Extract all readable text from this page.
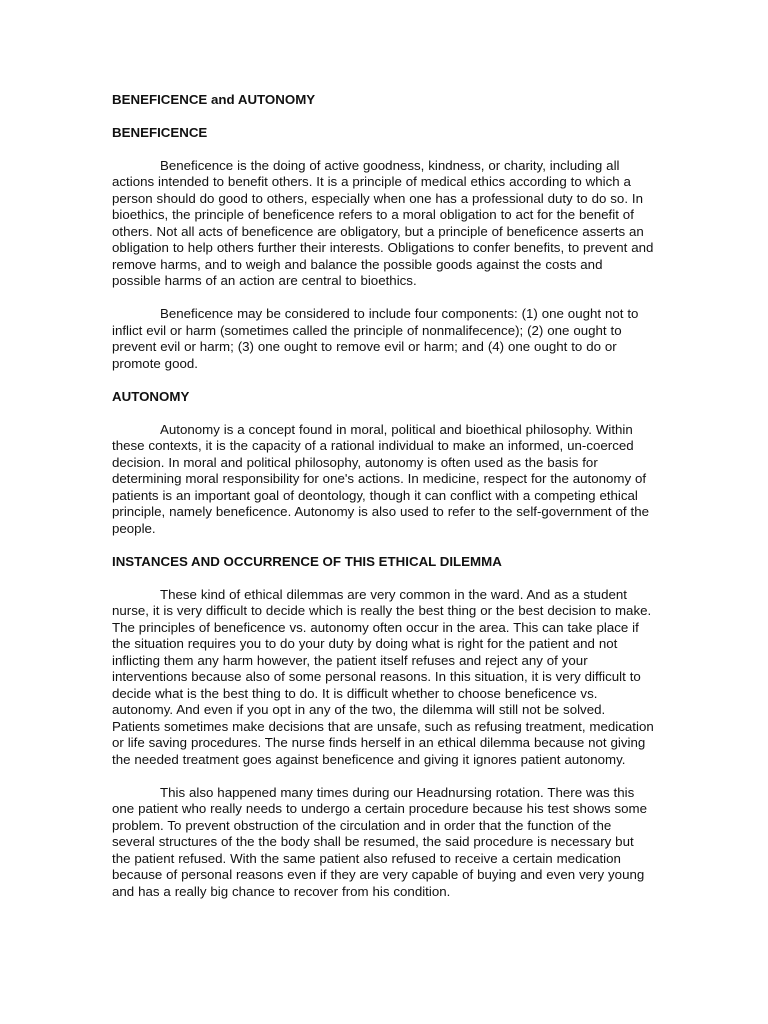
BENEFICENCE and AUTONOMY
BENEFICENCE

Beneficence is the doing of active goodness, kindness, or charity, including all actions intended to benefit others. It is a principle of medical ethics according to which a person should do good to others, especially when one has a professional duty to do so. In bioethics, the principle of beneficence refers to a moral obligation to act for the benefit of others. Not all acts of beneficence are obligatory, but a principle of beneficence asserts an obligation to help others further their interests. Obligations to confer benefits, to prevent and remove harms, and to weigh and balance the possible goods against the costs and possible harms of an action are central to bioethics.

Beneficence may be considered to include four components: (1) one ought not to inflict evil or harm (sometimes called the principle of nonmalifecence); (2) one ought to prevent evil or harm; (3) one ought to remove evil or harm; and (4) one ought to do or promote good.

AUTONOMY

Autonomy is a concept found in moral, political and bioethical philosophy. Within these contexts, it is the capacity of a rational individual to make an informed, un-coerced decision. In moral and political philosophy, autonomy is often used as the basis for determining moral responsibility for one's actions. In medicine, respect for the autonomy of patients is an important goal of deontology, though it can conflict with a competing ethical principle, namely beneficence. Autonomy is also used to refer to the self-government of the people.

INSTANCES AND OCCURRENCE OF THIS ETHICAL DILEMMA

These kind of ethical dilemmas are very common in the ward. And as a student nurse, it is very difficult to decide which is really the best thing or the best decision to make. The principles of beneficence vs. autonomy often occur in the area. This can take place if the situation requires you to do your duty by doing what is right for the patient and not inflicting them any harm however, the patient itself refuses and reject any of your interventions because also of some personal reasons. In this situation, it is very difficult to decide what is the best thing to do. It is difficult whether to choose beneficence vs. autonomy. And even if you opt in any of the two, the dilemma will still not be solved. Patients sometimes make decisions that are unsafe, such as refusing treatment, medication or life saving procedures. The nurse finds herself in an ethical dilemma because not giving the needed treatment goes against beneficence and giving it ignores patient autonomy.

This also happened many times during our Headnursing rotation. There was this one patient who really needs to undergo a certain procedure because his test shows some problem. To prevent obstruction of the circulation and in order that the function of the several structures of the the body shall be resumed, the said procedure is necessary but the patient refused. With the same patient also refused to receive a certain medication because of personal reasons even if they are very capable of buying and even very young and has a really big chance to recover from his condition.
